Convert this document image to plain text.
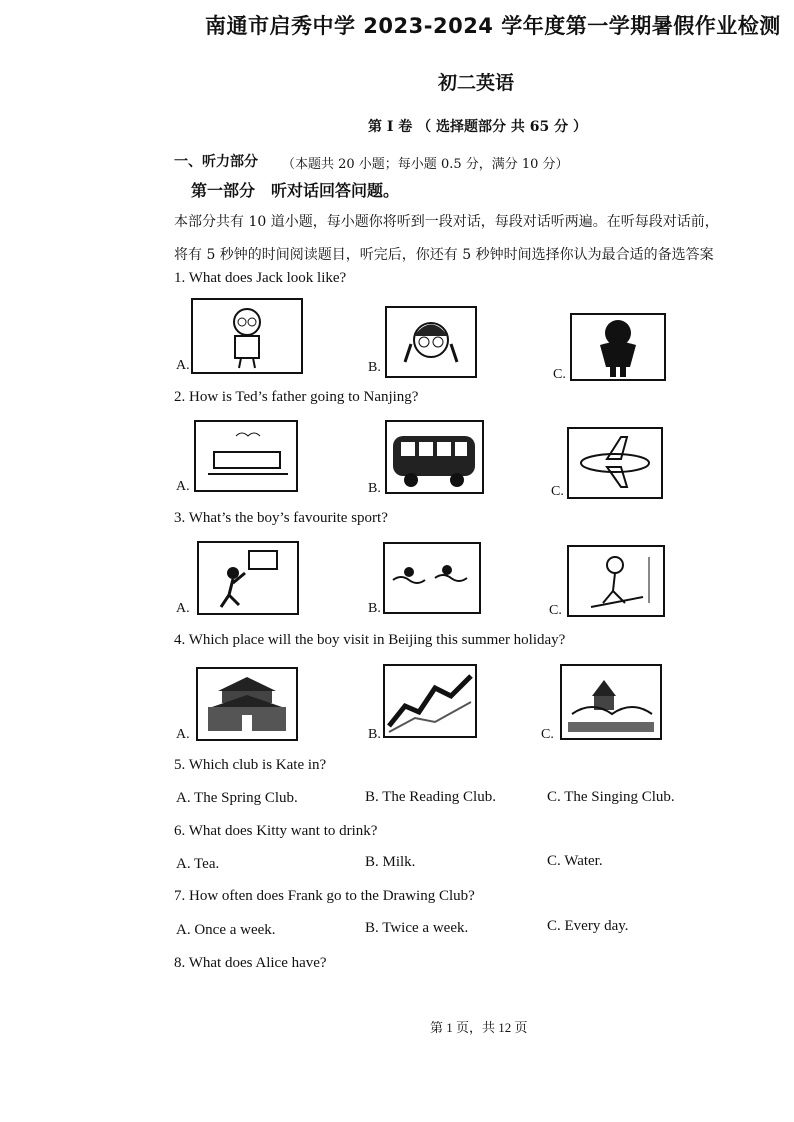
南通市启秀中学 2023-2024 学年度第一学期暑假作业检测
初二英语
第 I 卷 （ 选择题部分 共 65 分 ）
一、听力部分 （本题共 20 小题；每小题 0.5 分，满分 10 分）
第一部分　听对话回答问题。
本部分共有 10 道小题，每小题你将听到一段对话，每段对话听两遍。在听每段对话前，
将有 5 秒钟的时间阅读题目，听完后，你还有 5 秒钟时间选择你认为最合适的备选答案
1. What does Jack look like?
A.	B.	C.
2. How is Ted’s father going to Nanjing?
A.	B.	C.
3. What’s the boy’s favourite sport?
A.	B.	C.
4. Which place will the boy visit in Beijing this summer holiday?
A.	B.	C.
5. Which club is Kate in?
A. The Spring Club.	B. The Reading Club.	C. The Singing Club.
6. What does Kitty want to drink?
A. Tea.	B. Milk.	C. Water.
7. How often does Frank go to the Drawing Club?
A. Once a week.	B. Twice a week.	C. Every day.
8. What does Alice have?
第 1 页，共 12 页
